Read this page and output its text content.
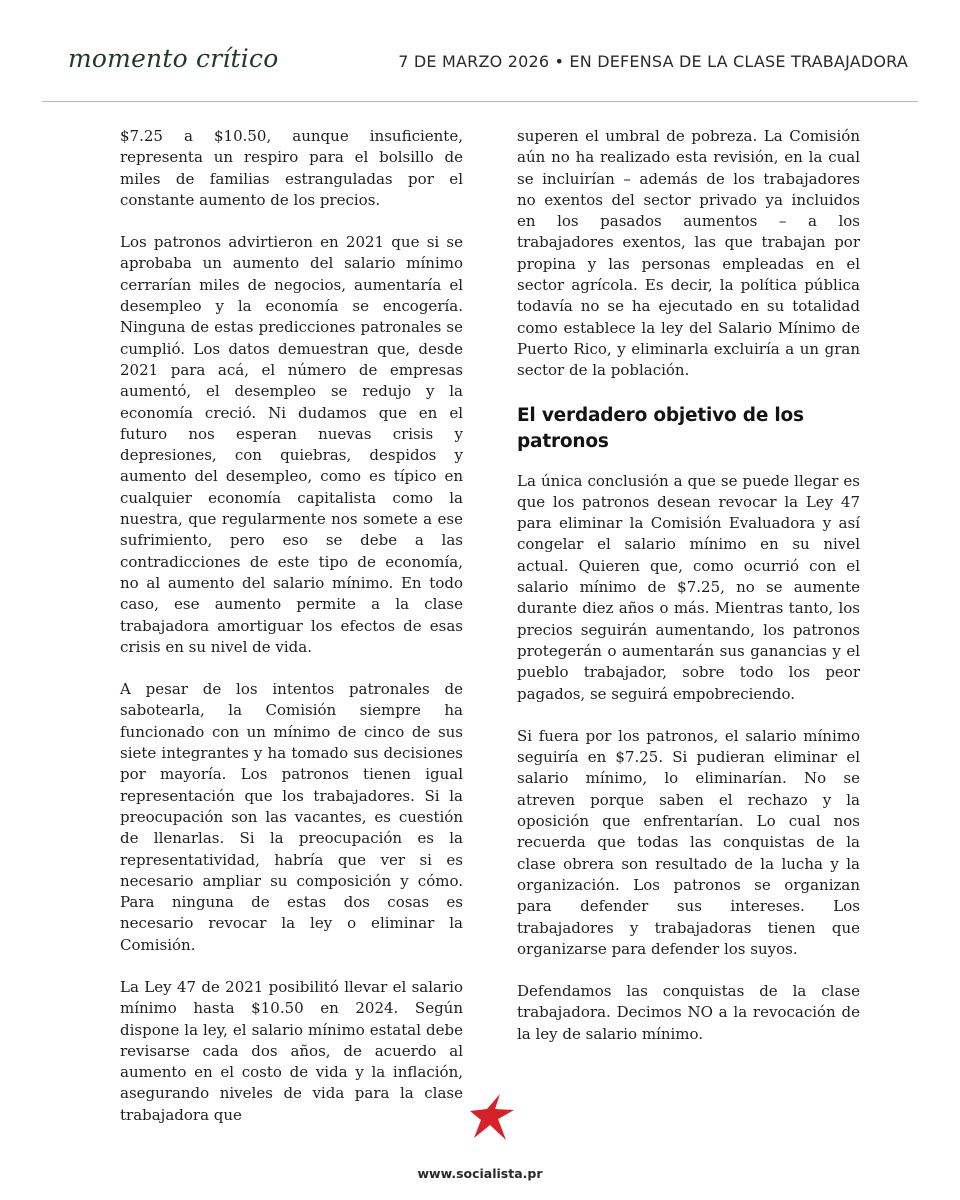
momento crítico	7 DE MARZO 2026 • EN DEFENSA DE LA CLASE TRABAJADORA

$7.25 a $10.50, aunque insuficiente, representa un respiro para el bolsillo de miles de familias estranguladas por el constante aumento de los precios.

Los patronos advirtieron en 2021 que si se aprobaba un aumento del salario mínimo cerrarían miles de negocios, aumentaría el desempleo y la economía se encogería. Ninguna de estas predicciones patronales se cumplió. Los datos demuestran que, desde 2021 para acá, el número de empresas aumentó, el desempleo se redujo y la economía creció. Ni dudamos que en el futuro nos esperan nuevas crisis y depresiones, con quiebras, despidos y aumento del desempleo, como es típico en cualquier economía capitalista como la nuestra, que regularmente nos somete a ese sufrimiento, pero eso se debe a las contradicciones de este tipo de economía, no al aumento del salario mínimo. En todo caso, ese aumento permite a la clase trabajadora amortiguar los efectos de esas crisis en su nivel de vida.

A pesar de los intentos patronales de sabotearla, la Comisión siempre ha funcionado con un mínimo de cinco de sus siete integrantes y ha tomado sus decisiones por mayoría. Los patronos tienen igual representación que los trabajadores. Si la preocupación son las vacantes, es cuestión de llenarlas. Si la preocupación es la representatividad, habría que ver si es necesario ampliar su composición y cómo. Para ninguna de estas dos cosas es necesario revocar la ley o eliminar la Comisión.

La Ley 47 de 2021 posibilitó llevar el salario mínimo hasta $10.50 en 2024. Según dispone la ley, el salario mínimo estatal debe revisarse cada dos años, de acuerdo al aumento en el costo de vida y la inflación, asegurando niveles de vida para la clase trabajadora que

superen el umbral de pobreza. La Comisión aún no ha realizado esta revisión, en la cual se incluirían – además de los trabajadores no exentos del sector privado ya incluidos en los pasados aumentos – a los trabajadores exentos, las que trabajan por propina y las personas empleadas en el sector agrícola. Es decir, la política pública todavía no se ha ejecutado en su totalidad como establece la ley del Salario Mínimo de Puerto Rico, y eliminarla excluiría a un gran sector de la población.

El verdadero objetivo de los patronos

La única conclusión a que se puede llegar es que los patronos desean revocar la Ley 47 para eliminar la Comisión Evaluadora y así congelar el salario mínimo en su nivel actual. Quieren que, como ocurrió con el salario mínimo de $7.25, no se aumente durante diez años o más. Mientras tanto, los precios seguirán aumentando, los patronos protegerán o aumentarán sus ganancias y el pueblo trabajador, sobre todo los peor pagados, se seguirá empobreciendo.

Si fuera por los patronos, el salario mínimo seguiría en $7.25. Si pudieran eliminar el salario mínimo, lo eliminarían. No se atreven porque saben el rechazo y la oposición que enfrentarían. Lo cual nos recuerda que todas las conquistas de la clase obrera son resultado de la lucha y la organización. Los patronos se organizan para defender sus intereses. Los trabajadores y trabajadoras tienen que organizarse para defender los suyos.

Defendamos las conquistas de la clase trabajadora. Decimos NO a la revocación de la ley de salario mínimo.

www.socialista.pr
